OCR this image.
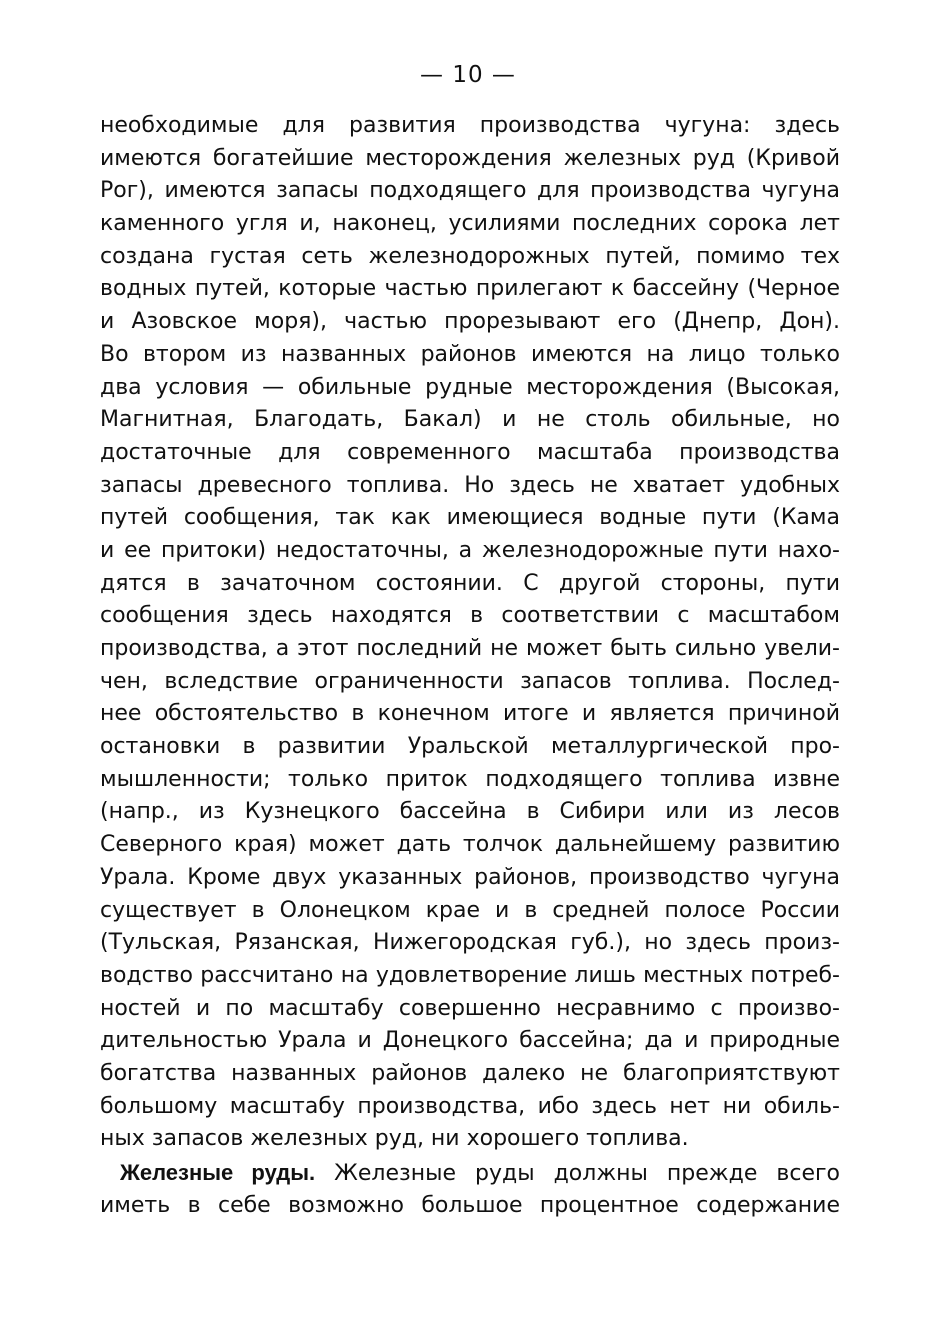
— 10 —
необходимые для развития производства чугуна: здесь
имеются богатейшие месторождения железных руд (Кривой
Рог), имеются запасы подходящего для производства чугуна
каменного угля и, наконец, усилиями последних сорока лет
создана густая сеть железнодорожных путей, помимо тех
водных путей, которые частью прилегают к бассейну (Черное
и Азовское моря), частью прорезывают его (Днепр, Дон).
Во втором из названных районов имеются на лицо только
два условия — обильные рудные месторождения (Высокая,
Магнитная, Благодать, Бакал) и не столь обильные, но
достаточные для современного масштаба производства
запасы древесного топлива. Но здесь не хватает удобных
путей сообщения, так как имеющиеся водные пути (Кама
и ее притоки) недостаточны, а железнодорожные пути нахо-
дятся в зачаточном состоянии. С другой стороны, пути
сообщения здесь находятся в соответствии с масштабом
производства, а этот последний не может быть сильно увели-
чен, вследствие ограниченности запасов топлива. Послед-
нее обстоятельство в конечном итоге и является причиной
остановки в развитии Уральской металлургической про-
мышленности; только приток подходящего топлива извне
(напр., из Кузнецкого бассейна в Сибири или из лесов
Северного края) может дать толчок дальнейшему развитию
Урала. Кроме двух указанных районов, производство чугуна
существует в Олонецком крае и в средней полосе России
(Тульская, Рязанская, Нижегородская губ.), но здесь произ-
водство рассчитано на удовлетворение лишь местных потреб-
ностей и по масштабу совершенно несравнимо с произво-
дительностью Урала и Донецкого бассейна; да и природные
богатства названных районов далеко не благоприятствуют
большому масштабу производства, ибо здесь нет ни обиль-
ных запасов железных руд, ни хорошего топлива.
Железные руды. Железные руды должны прежде всего
иметь в себе возможно большое процентное содержание
